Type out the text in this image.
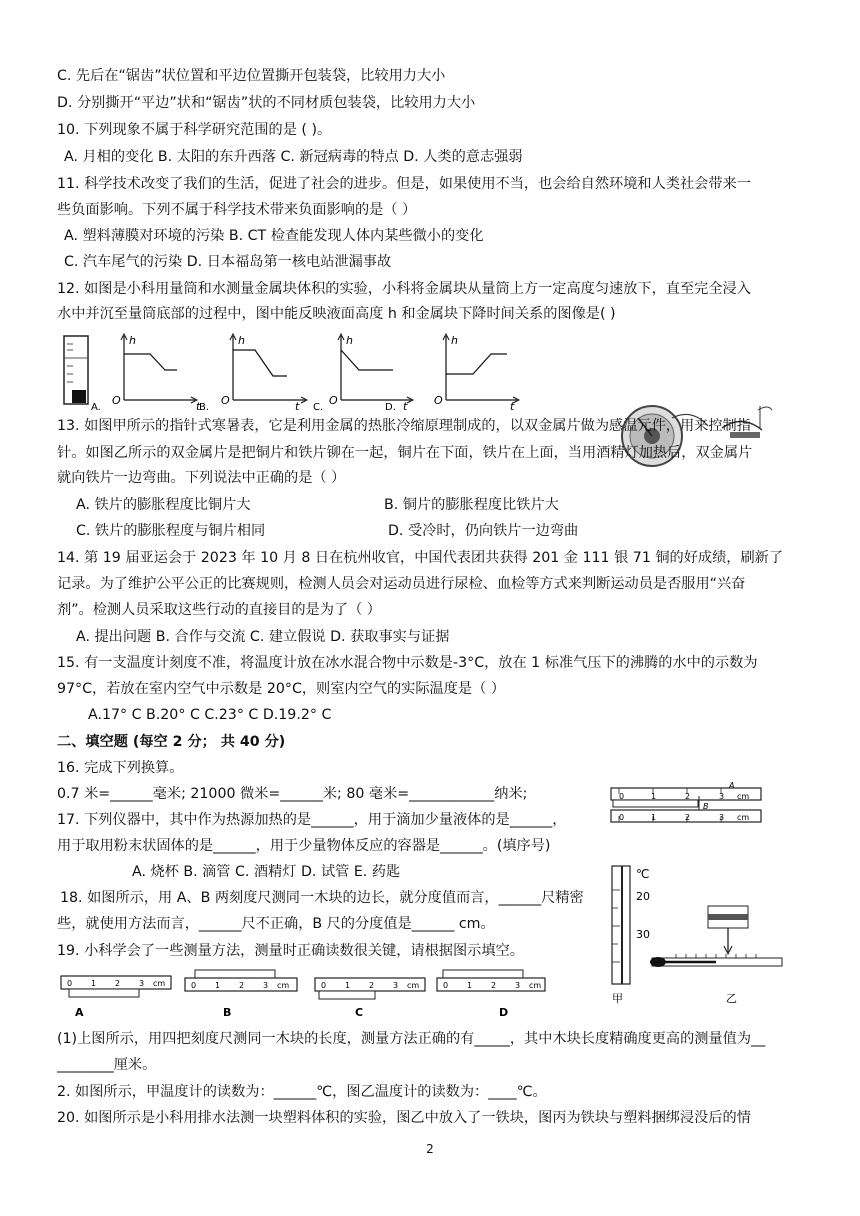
C. 先后在“锯齿”状位置和平边位置撕开包装袋，比较用力大小
D. 分别撕开“平边”状和“锯齿”状的不同材质包装袋，比较用力大小
10. 下列现象不属于科学研究范围的是 ( )。
A. 月相的变化 B. 太阳的东升西落 C. 新冠病毒的特点 D. 人类的意志强弱
11. 科学技术改变了我们的生活，促进了社会的进步。但是，如果使用不当，也会给自然环境和人类社会带来一
些负面影响。下列不属于科学技术带来负面影响的是（ ）
A. 塑料薄膜对环境的污染 B. CT 检查能发现人体内某些微小的变化
C. 汽车尾气的污染 D. 日本福岛第一核电站泄漏事故
12. 如图是小科用量筒和水测量金属块体积的实验，小科将金属块从量筒上方一定高度匀速放下，直至完全浸入
水中并沉至量筒底部的过程中，图中能反映液面高度 h 和金属块下降时间关系的图像是( )
A.
h
O	t
B.
h
O	t C.
h
O	t
D.
h
O	t
13. 如图甲所示的指针式寒暑表，它是利用金属的热胀冷缩原理制成的，以双金属片做为感温元件，用来控制指
针。如图乙所示的双金属片是把铜片和铁片铆在一起，铜片在下面，铁片在上面，当用酒精灯加热后，双金属片
就向铁片一边弯曲。下列说法中正确的是（ ）
A. 铁片的膨胀程度比铜片大	B. 铜片的膨胀程度比铁片大
C. 铁片的膨胀程度与铜片相同	D. 受冷时，仍向铁片一边弯曲
14. 第 19 届亚运会于 2023 年 10 月 8 日在杭州收官，中国代表团共获得 201 金 111 银 71 铜的好成绩，刷新了
记录。为了维护公平公正的比赛规则，检测人员会对运动员进行尿检、血检等方式来判断运动员是否服用“兴奋
剂”。检测人员采取这些行动的直接目的是为了（ ）
A. 提出问题 B. 合作与交流 C. 建立假说 D. 获取事实与证据
15. 有一支温度计刻度不准，将温度计放在冰水混合物中示数是-3°C，放在 1 标准气压下的沸腾的水中的示数为
97°C，若放在室内空气中示数是 20°C，则室内空气的实际温度是（ ）
A.17° C B.20° C C.23° C D.19.2° C
二、填空题 (每空 2 分； 共 40 分)
16. 完成下列换算。
0.7 米=______毫米; 21000 微米=______米; 80 毫米=____________纳米;	0	1	2	3 cm
0	1	2	3 cm
A
B
17. 下列仪器中，其中作为热源加热的是______，用于滴加少量液体的是______，
用于取用粉末状固体的是______，用于少量物体反应的容器是______。(填序号)
A. 烧杯 B. 滴管 C. 酒精灯 D. 试管 E. 药匙
18. 如图所示，用 A、B 两刻度尺测同一木块的边长，就分度值而言，______尺精密
些，就使用方法而言，______尺不正确，B 尺的分度值是______ cm。
19. 小科学会了一些测量方法，测量时正确读数很关键，请根据图示填空。
℃
20
30
甲	乙
0 1 2 3 cm
A
0 1 2 3 cm
B
0 1 2 3 cm
C
0 1 2 3 cm
D
(1)上图所示，用四把刻度尺测同一木块的长度，测量方法正确的有_____，其中木块长度精确度更高的测量值为__
________厘米。
2. 如图所示，甲温度计的读数为：______℃，图乙温度计的读数为：____℃。
20. 如图所示是小科用排水法测一块塑料体积的实验，图乙中放入了一铁块，图丙为铁块与塑料捆绑浸没后的情
2
